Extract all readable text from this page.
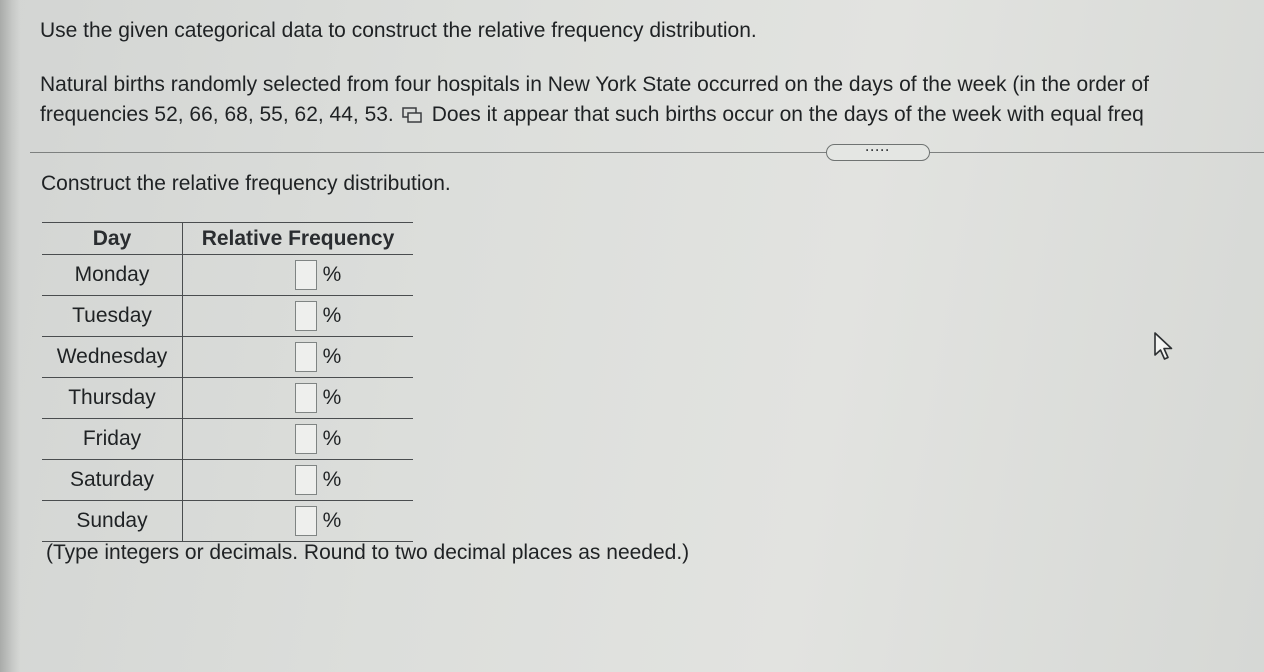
Use the given categorical data to construct the relative frequency distribution.
Natural births randomly selected from four hospitals in New York State occurred on the days of the week (in the order of
frequencies 52, 66, 68, 55, 62, 44, 53. Does it appear that such births occur on the days of the week with equal freq
·····
Construct the relative frequency distribution.
Day	Relative Frequency
Monday	%
Tuesday	%
Wednesday	%
Thursday	%
Friday	%
Saturday	%
Sunday	%
(Type integers or decimals. Round to two decimal places as needed.)
